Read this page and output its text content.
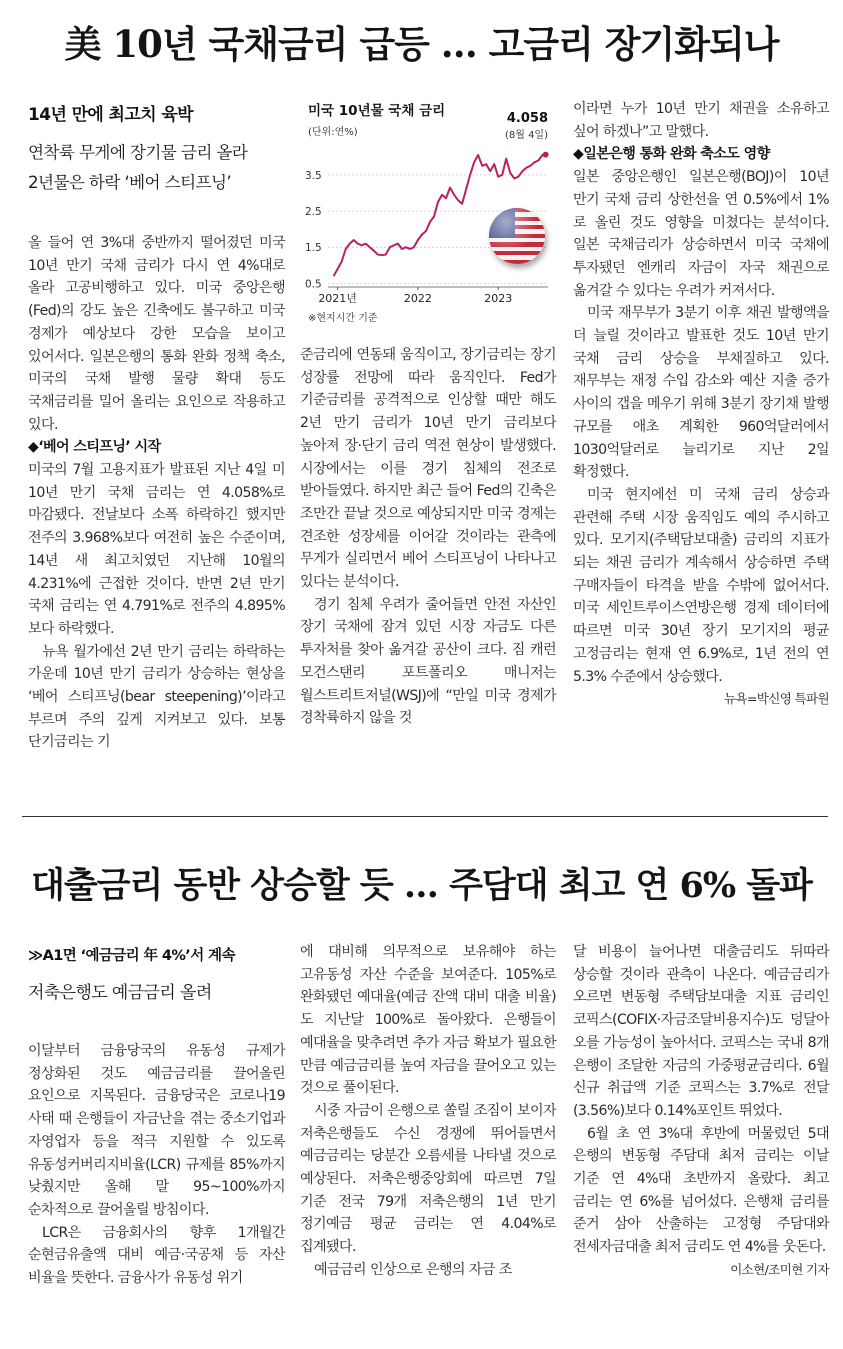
美 10년 국채금리 급등 … 고금리 장기화되나
14년 만에 최고치 육박
연착륙 무게에 장기물 금리 올라
2년물은 하락 ‘베어 스티프닝’

올 들어 연 3%대 중반까지 떨어졌던 미국 10년 만기 국채 금리가 다시 연 4%대로 올라 고공비행하고 있다. 미국 중앙은행(Fed)의 강도 높은 긴축에도 불구하고 미국 경제가 예상보다 강한 모습을 보이고 있어서다. 일본은행의 통화 완화 정책 축소, 미국의 국채 발행 물량 확대 등도 국채금리를 밀어 올리는 요인으로 작용하고 있다.

◆‘베어 스티프닝’ 시작

미국의 7월 고용지표가 발표된 지난 4일 미 10년 만기 국채 금리는 연 4.058%로 마감됐다. 전날보다 소폭 하락하긴 했지만 전주의 3.968%보다 여전히 높은 수준이며, 14년 새 최고치였던 지난해 10월의 4.231%에 근접한 것이다. 반면 2년 만기 국채 금리는 연 4.791%로 전주의 4.895%보다 하락했다.

뉴욕 월가에선 2년 만기 금리는 하락하는 가운데 10년 만기 금리가 상승하는 현상을 ‘베어 스티프닝(bear steepening)’이라고 부르며 주의 깊게 지켜보고 있다. 보통 단기금리는 기

미국 10년물 국채 금리
(단위:연%)
4.058
(8월 4일)
3.5
2.5
1.5
0.5
2021년	2022	2023
※현지시간 기준

준금리에 연동돼 움직이고, 장기금리는 장기 성장률 전망에 따라 움직인다. Fed가 기준금리를 공격적으로 인상할 때만 해도 2년 만기 금리가 10년 만기 금리보다 높아져 장·단기 금리 역전 현상이 발생했다. 시장에서는 이를 경기 침체의 전조로 받아들였다. 하지만 최근 들어 Fed의 긴축은 조만간 끝날 것으로 예상되지만 미국 경제는 견조한 성장세를 이어갈 것이라는 관측에 무게가 실리면서 베어 스티프닝이 나타나고 있다는 분석이다.

경기 침체 우려가 줄어들면 안전 자산인 장기 국채에 잠겨 있던 시장 자금도 다른 투자처를 찾아 옮겨갈 공산이 크다. 짐 캐런 모건스탠리 포트폴리오 매니저는 월스트리트저널(WSJ)에 “만일 미국 경제가 경착륙하지 않을 것

이라면 누가 10년 만기 채권을 소유하고 싶어 하겠나”고 말했다.

◆일본은행 통화 완화 축소도 영향

일본 중앙은행인 일본은행(BOJ)이 10년 만기 국채 금리 상한선을 연 0.5%에서 1%로 올린 것도 영향을 미쳤다는 분석이다. 일본 국채금리가 상승하면서 미국 국채에 투자됐던 엔캐리 자금이 자국 채권으로 옮겨갈 수 있다는 우려가 커져서다.

미국 재무부가 3분기 이후 채권 발행액을 더 늘릴 것이라고 발표한 것도 10년 만기 국채 금리 상승을 부채질하고 있다. 재무부는 재정 수입 감소와 예산 지출 증가 사이의 갭을 메우기 위해 3분기 장기채 발행 규모를 애초 계획한 960억달러에서 1030억달러로 늘리기로 지난 2일 확정했다.

미국 현지에선 미 국채 금리 상승과 관련해 주택 시장 움직임도 예의 주시하고 있다. 모기지(주택담보대출) 금리의 지표가 되는 채권 금리가 계속해서 상승하면 주택 구매자들이 타격을 받을 수밖에 없어서다. 미국 세인트루이스연방은행 경제 데이터에 따르면 미국 30년 장기 모기지의 평균 고정금리는 현재 연 6.9%로, 1년 전의 연 5.3% 수준에서 상승했다.
뉴욕=박신영 특파원

대출금리 동반 상승할 듯 … 주담대 최고 연 6% 돌파
≫A1면 ‘예금금리 年 4%’서 계속
저축은행도 예금금리 올려

이달부터 금융당국의 유동성 규제가 정상화된 것도 예금금리를 끌어올린 요인으로 지목된다. 금융당국은 코로나19 사태 때 은행들이 자금난을 겪는 중소기업과 자영업자 등을 적극 지원할 수 있도록 유동성커버리지비율(LCR) 규제를 85%까지 낮췄지만 올해 말 95~100%까지 순차적으로 끌어올릴 방침이다.

LCR은 금융회사의 향후 1개월간 순현금유출액 대비 예금·국공채 등 자산 비율을 뜻한다. 금융사가 유동성 위기

에 대비해 의무적으로 보유해야 하는 고유동성 자산 수준을 보여준다. 105%로 완화됐던 예대율(예금 잔액 대비 대출 비율)도 지난달 100%로 돌아왔다. 은행들이 예대율을 맞추려면 추가 자금 확보가 필요한 만큼 예금금리를 높여 자금을 끌어오고 있는 것으로 풀이된다.

시중 자금이 은행으로 쏠릴 조짐이 보이자 저축은행들도 수신 경쟁에 뛰어들면서 예금금리는 당분간 오름세를 나타낼 것으로 예상된다. 저축은행중앙회에 따르면 7일 기준 전국 79개 저축은행의 1년 만기 정기예금 평균 금리는 연 4.04%로 집계됐다.

예금금리 인상으로 은행의 자금 조

달 비용이 늘어나면 대출금리도 뒤따라 상승할 것이라 관측이 나온다. 예금금리가 오르면 변동형 주택담보대출 지표 금리인 코픽스(COFIX·자금조달비용지수)도 덩달아 오를 가능성이 높아서다. 코픽스는 국내 8개 은행이 조달한 자금의 가중평균금리다. 6월 신규 취급액 기준 코픽스는 3.7%로 전달(3.56%)보다 0.14%포인트 뛰었다.

6월 초 연 3%대 후반에 머물렀던 5대 은행의 변동형 주담대 최저 금리는 이날 기준 연 4%대 초반까지 올랐다. 최고 금리는 연 6%를 넘어섰다. 은행채 금리를 준거 삼아 산출하는 고정형 주담대와 전세자금대출 최저 금리도 연 4%를 웃돈다.
이소현/조미현 기자
